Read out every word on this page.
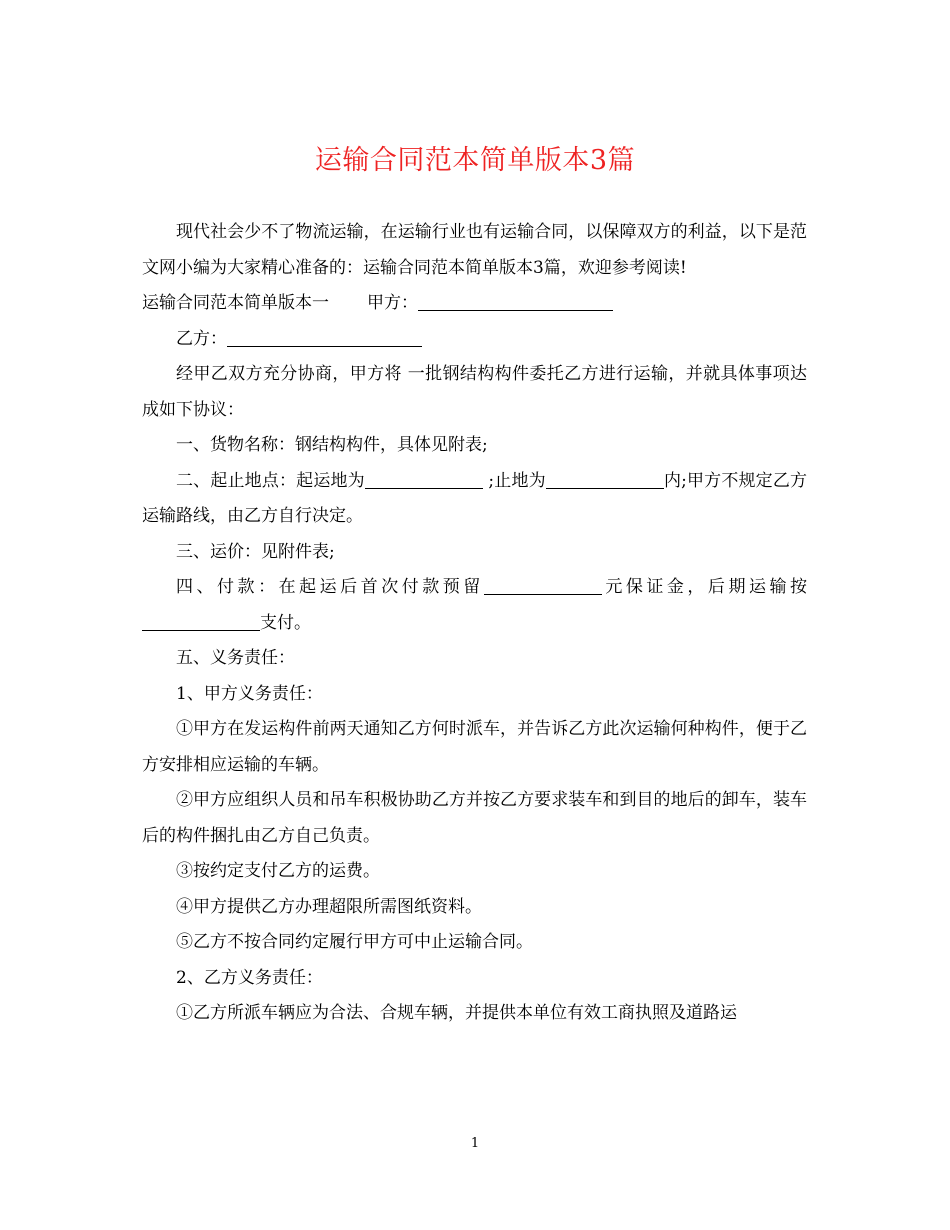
运输合同范本简单版本3篇

现代社会少不了物流运输，在运输行业也有运输合同，以保障双方的利益，以下是范文网小编为大家精心准备的：运输合同范本简单版本3篇，欢迎参考阅读!

运输合同范本简单版本一 甲方：

乙方：

经甲乙双方充分协商，甲方将 一批钢结构构件委托乙方进行运输，并就具体事项达成如下协议：

一、货物名称：钢结构构件，具体见附表;

二、起止地点：起运地为	;止地为	内;甲方不规定乙方运输路线，由乙方自行决定。

三、运价：见附件表;

四、付款：在起运后首次付款预留	元保证金，后期运输按支付。

五、义务责任：

1、甲方义务责任：

①甲方在发运构件前两天通知乙方何时派车，并告诉乙方此次运输何种构件，便于乙方安排相应运输的车辆。

②甲方应组织人员和吊车积极协助乙方并按乙方要求装车和到目的地后的卸车，装车后的构件捆扎由乙方自己负责。

③按约定支付乙方的运费。

④甲方提供乙方办理超限所需图纸资料。

⑤乙方不按合同约定履行甲方可中止运输合同。

2、乙方义务责任：

①乙方所派车辆应为合法、合规车辆，并提供本单位有效工商执照及道路运

1
